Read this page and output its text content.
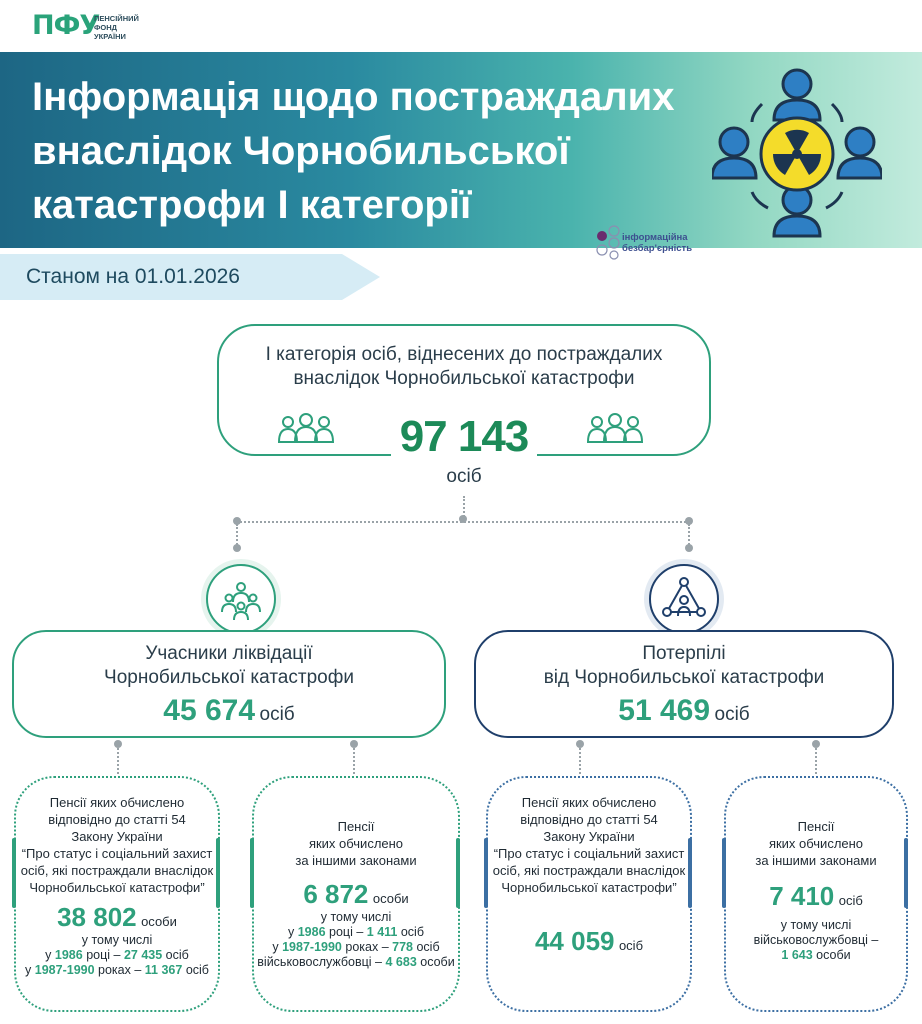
ПФУ
ПЕНСІЙНИЙ
ФОНД
УКРАЇНИ
Інформація щодо постраждалих
внаслідок Чорнобильської
катастрофи I категорії
інформаційна
безбар'єрність
Станом на 01.01.2026
I категорія осіб, віднесених до постраждалих
внаслідок Чорнобильської катастрофи
97 143
осіб
Учасники ліквідації
Чорнобильської катастрофи
45 674 осіб
Потерпілі
від Чорнобильської катастрофи
51 469 осіб
Пенсії яких обчислено
відповідно до статті 54
Закону України
“Про статус і соціальний захист
осіб, які постраждали внаслідок
Чорнобильської катастрофи”
38 802 особи
у тому числі
у 1986 році – 27 435 осіб
у 1987-1990 роках – 11 367 осіб
Пенсії
яких обчислено
за іншими законами
6 872 особи
у тому числі
у 1986 році – 1 411 осіб
у 1987-1990 роках – 778 осіб
військовослужбовці – 4 683 особи
Пенсії яких обчислено
відповідно до статті 54
Закону України
“Про статус і соціальний захист
осіб, які постраждали внаслідок
Чорнобильської катастрофи”
44 059 осіб
Пенсії
яких обчислено
за іншими законами
7 410 осіб
у тому числі
військовослужбовці –
1 643 особи
